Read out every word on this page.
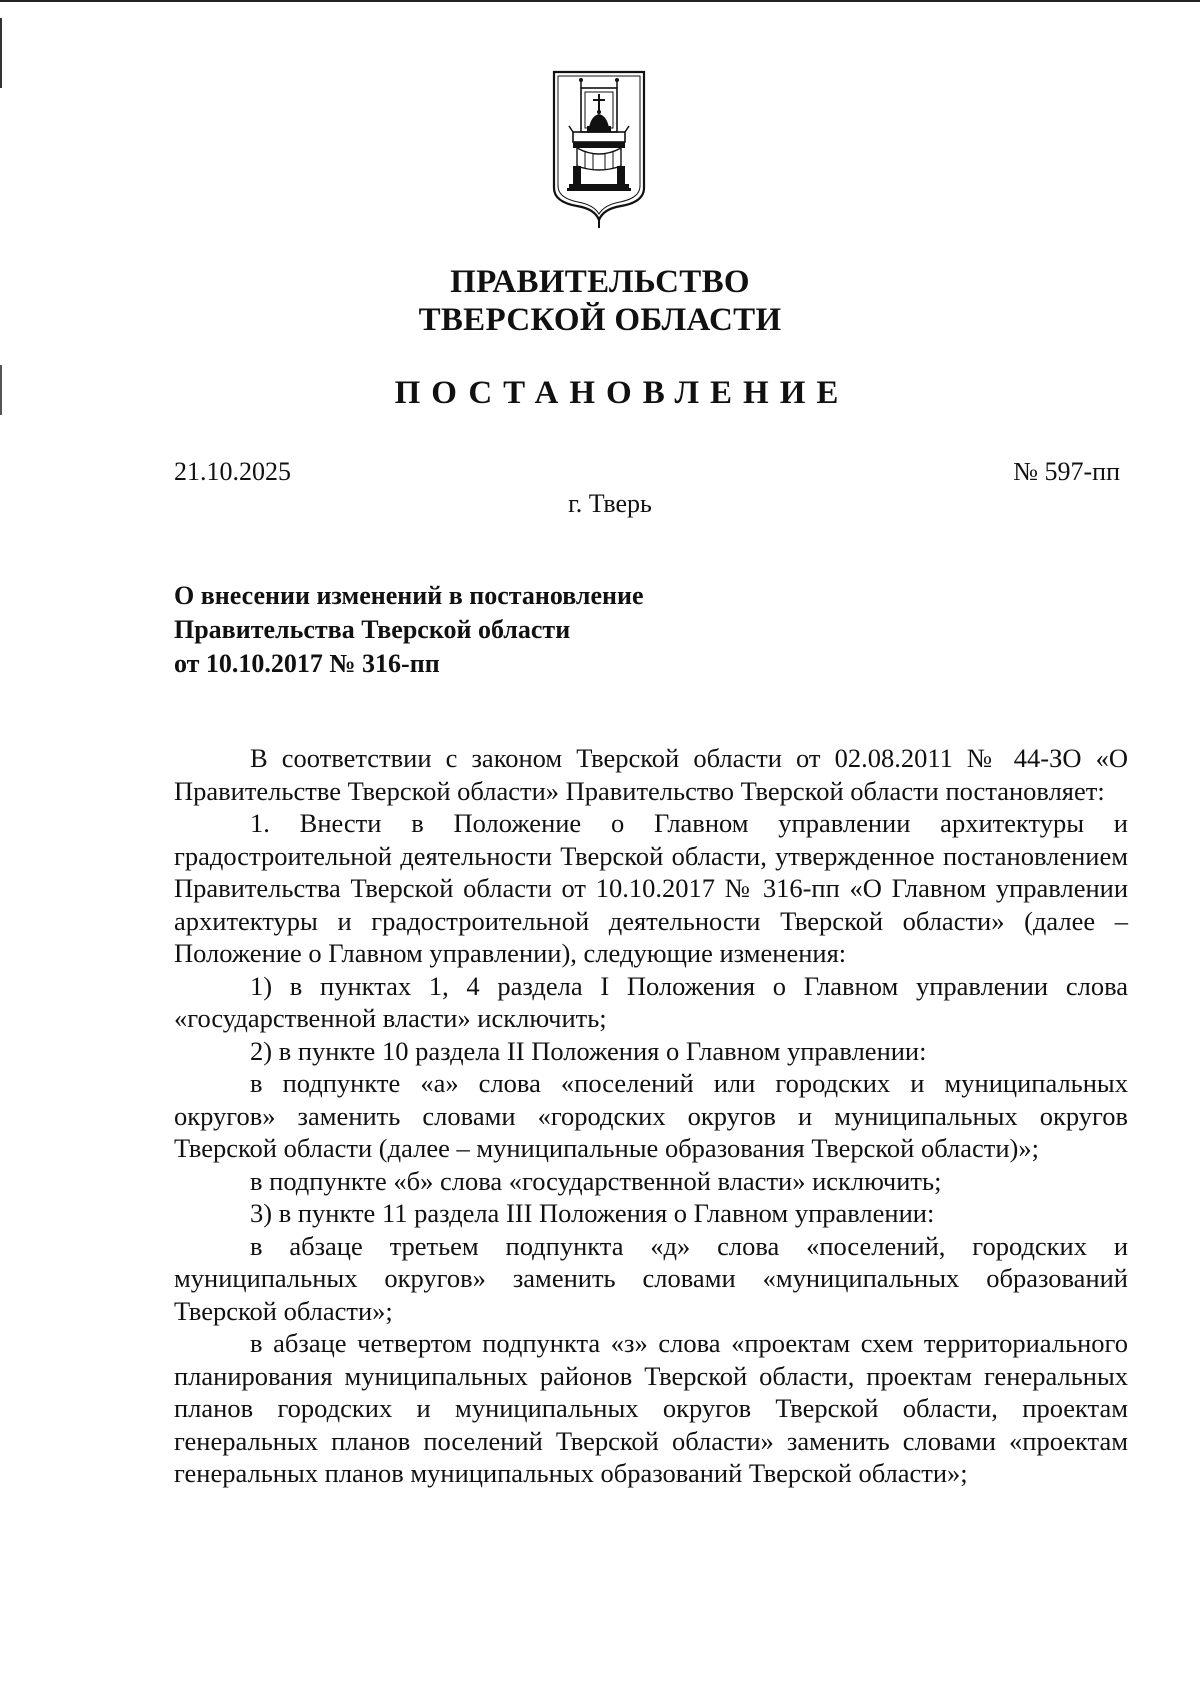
ПРАВИТЕЛЬСТВО
ТВЕРСКОЙ ОБЛАСТИ
ПОСТАНОВЛЕНИЕ
21.10.2025	№ 597-пп
г. Тверь
О внесении изменений в постановление
Правительства Тверской области
от 10.10.2017 № 316-пп

В соответствии с законом Тверской области от 02.08.2011 № 44-ЗО «О Правительстве Тверской области» Правительство Тверской области постановляет:

1. Внести в Положение о Главном управлении архитектуры и градостроительной деятельности Тверской области, утвержденное постановлением Правительства Тверской области от 10.10.2017 № 316-пп «О Главном управлении архитектуры и градостроительной деятельности Тверской области» (далее – Положение о Главном управлении), следующие изменения:

1) в пунктах 1, 4 раздела I Положения о Главном управлении слова «государственной власти» исключить;

2) в пункте 10 раздела II Положения о Главном управлении:

в подпункте «а» слова «поселений или городских и муниципальных округов» заменить словами «городских округов и муниципальных округов Тверской области (далее – муниципальные образования Тверской области)»;

в подпункте «б» слова «государственной власти» исключить;

3) в пункте 11 раздела III Положения о Главном управлении:

в абзаце третьем подпункта «д» слова «поселений, городских и муниципальных округов» заменить словами «муниципальных образований Тверской области»;

в абзаце четвертом подпункта «з» слова «проектам схем территориального планирования муниципальных районов Тверской области, проектам генеральных планов городских и муниципальных округов Тверской области, проектам генеральных планов поселений Тверской области» заменить словами «проектам генеральных планов муниципальных образований Тверской области»;
